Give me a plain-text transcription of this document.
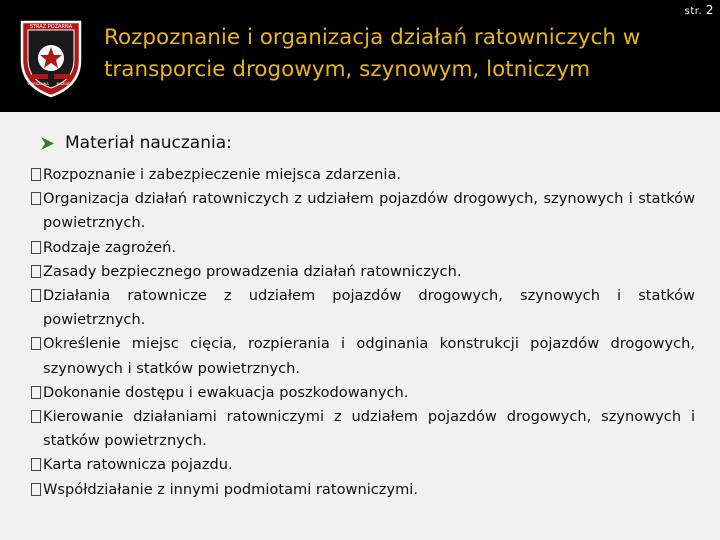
str. 2
STRAŻ POŻARNA
WARSZAWA MAZURY
Rozpoznanie i organizacja działań ratowniczych w
transporcie drogowym, szynowym, lotniczym
Materiał nauczania:
Rozpoznanie i zabezpieczenie miejsca zdarzenia.
Organizacja działań ratowniczych z udziałem pojazdów drogowych, szynowych i statków powietrznych.
Rodzaje zagrożeń.
Zasady bezpiecznego prowadzenia działań ratowniczych.
Działania ratownicze z udziałem pojazdów drogowych, szynowych i statków powietrznych.
Określenie miejsc cięcia, rozpierania i odginania konstrukcji pojazdów drogowych, szynowych i statków powietrznych.
Dokonanie dostępu i ewakuacja poszkodowanych.
Kierowanie działaniami ratowniczymi z udziałem pojazdów drogowych, szynowych i statków powietrznych.
Karta ratownicza pojazdu.
Współdziałanie z innymi podmiotami ratowniczymi.
